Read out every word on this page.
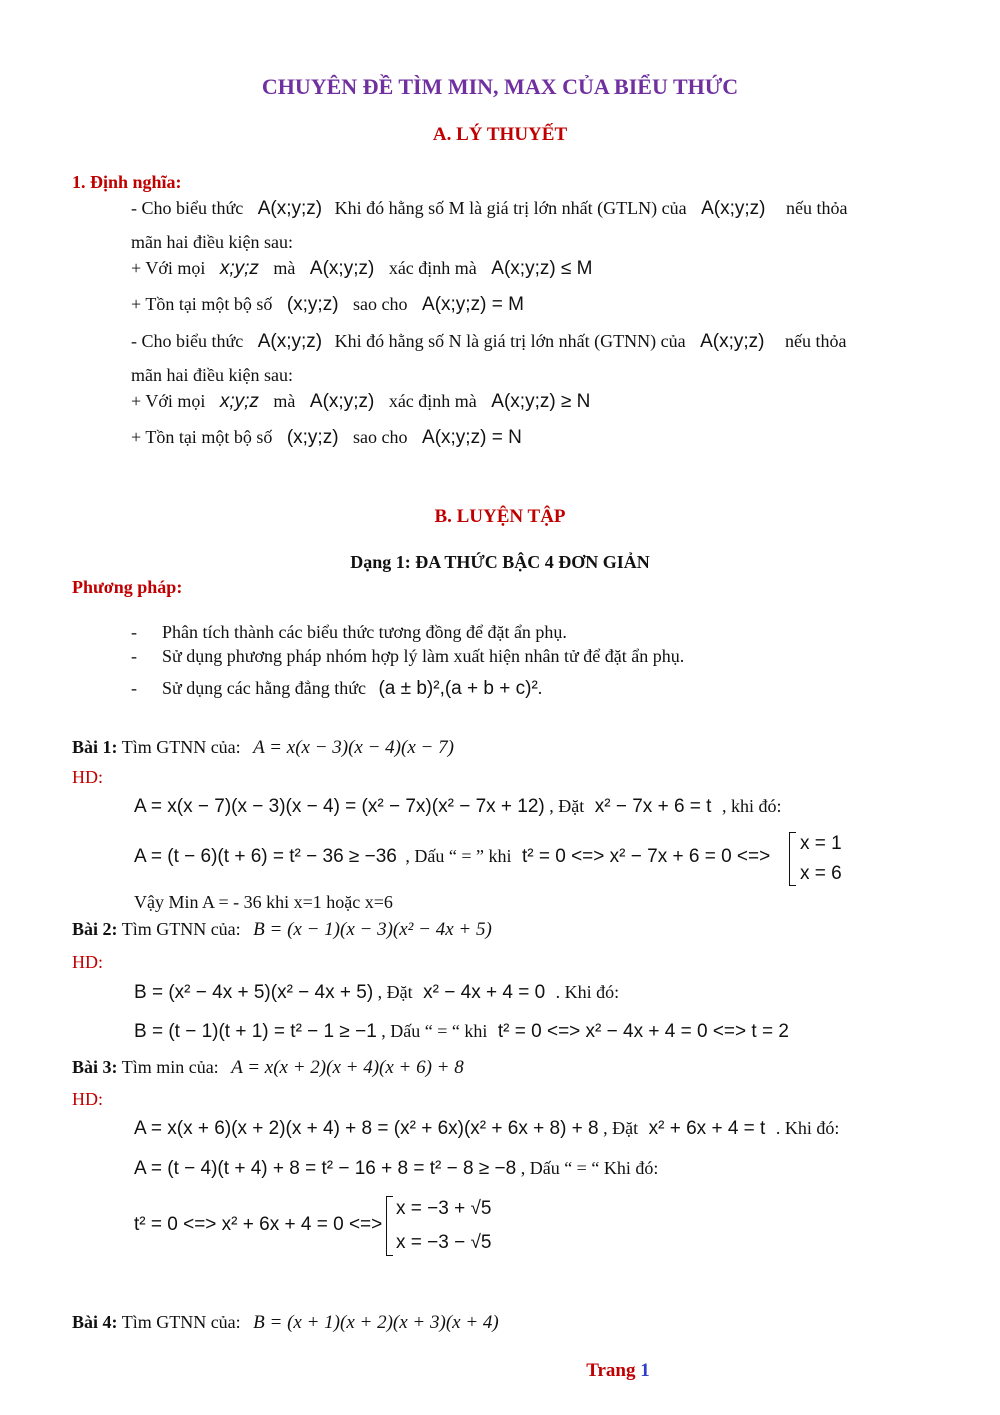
CHUYÊN ĐỀ TÌM MIN, MAX CỦA BIỂU THỨC
A. LÝ THUYẾT
1. Định nghĩa:
- Cho biểu thức A(x;y;z) Khi đó hằng số M là giá trị lớn nhất (GTLN) của A(x;y;z) nếu thỏa
mãn hai điều kiện sau:
+ Với mọi x;y;z mà A(x;y;z) xác định mà A(x;y;z) ≤ M
+ Tồn tại một bộ số (x;y;z) sao cho A(x;y;z) = M
- Cho biểu thức A(x;y;z) Khi đó hằng số N là giá trị lớn nhất (GTNN) của A(x;y;z) nếu thỏa
mãn hai điều kiện sau:
+ Với mọi x;y;z mà A(x;y;z) xác định mà A(x;y;z) ≥ N
+ Tồn tại một bộ số (x;y;z) sao cho A(x;y;z) = N
B. LUYỆN TẬP
Dạng 1: ĐA THỨC BẬC 4 ĐƠN GIẢN
Phương pháp:
- Phân tích thành các biểu thức tương đồng để đặt ẩn phụ.
- Sử dụng phương pháp nhóm hợp lý làm xuất hiện nhân tử để đặt ẩn phụ.
- Sử dụng các hằng đẳng thức (a ± b)²,(a + b + c)².
Bài 1: Tìm GTNN của: A = x(x − 3)(x − 4)(x − 7)
HD:
A = x(x − 7)(x − 3)(x − 4) = (x² − 7x)(x² − 7x + 12) , Đặt x² − 7x + 6 = t , khi đó:
A = (t − 6)(t + 6) = t² − 36 ≥ −36 , Dấu “ = ” khi t² = 0 <=> x² − 7x + 6 = 0 <=>
x = 1
x = 6
Vậy Min A = - 36 khi x=1 hoặc x=6
Bài 2: Tìm GTNN của: B = (x − 1)(x − 3)(x² − 4x + 5)
HD:
B = (x² − 4x + 5)(x² − 4x + 5) , Đặt x² − 4x + 4 = 0 . Khi đó:
B = (t − 1)(t + 1) = t² − 1 ≥ −1 , Dấu “ = “ khi t² = 0 <=> x² − 4x + 4 = 0 <=> t = 2
Bài 3: Tìm min của: A = x(x + 2)(x + 4)(x + 6) + 8
HD:
A = x(x + 6)(x + 2)(x + 4) + 8 = (x² + 6x)(x² + 6x + 8) + 8 , Đặt x² + 6x + 4 = t . Khi đó:
A = (t − 4)(t + 4) + 8 = t² − 16 + 8 = t² − 8 ≥ −8 , Dấu “ = “ Khi đó:
t² = 0 <=> x² + 6x + 4 = 0 <=>
x = −3 + √5
x = −3 − √5
Bài 4: Tìm GTNN của: B = (x + 1)(x + 2)(x + 3)(x + 4)
Trang 1
